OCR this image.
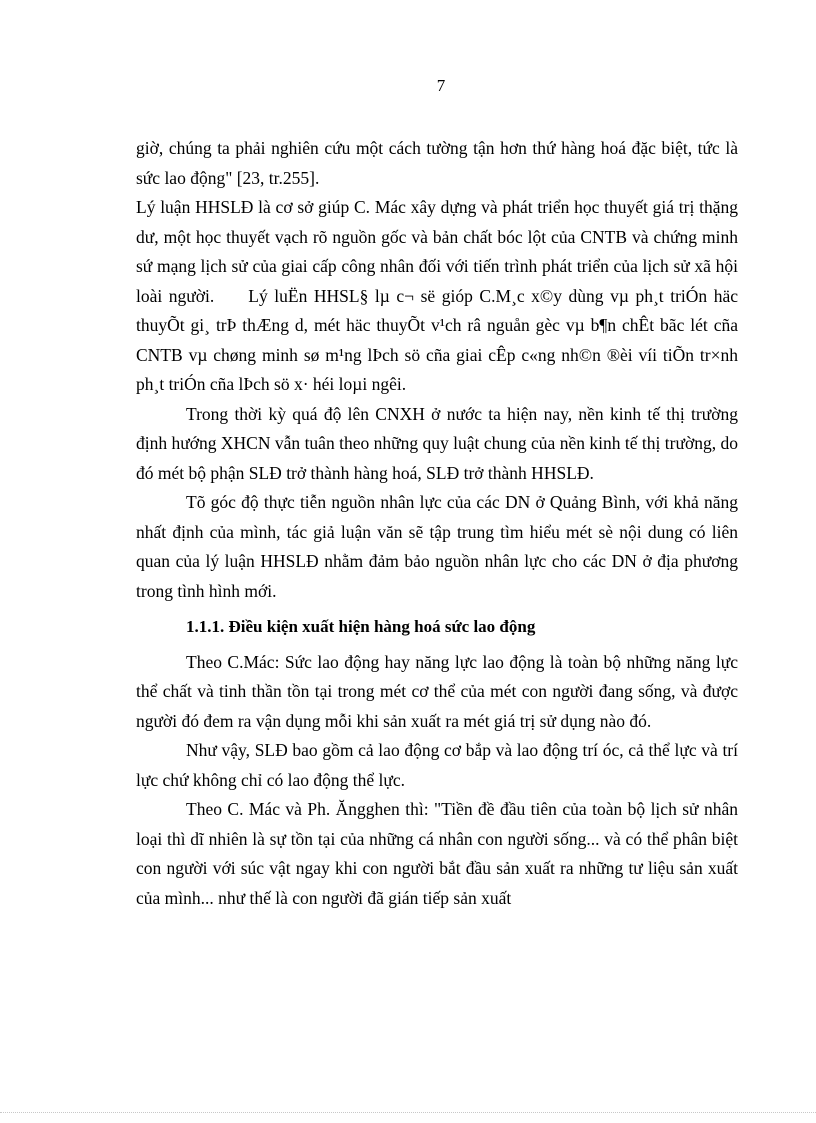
7

giờ, chúng ta phải nghiên cứu một cách tường tận hơn thứ hàng hoá đặc biệt, tức là sức lao động" [23, tr.255].

Lý luận HHSLĐ là cơ sở giúp C. Mác xây dựng và phát triển học thuyết giá trị thặng dư, một học thuyết vạch rõ nguồn gốc và bản chất bóc lột của CNTB và chứng minh sứ mạng lịch sử của giai cấp công nhân đối với tiến trình phát triển của lịch sử xã hội loài người. Lý luËn HHSL§ lµ c¬ së gióp C.M¸c x©y dùng vµ ph¸t triÓn häc thuyÕt gi¸ trÞ thÆng d, mét häc thuyÕt v¹ch râ nguån gèc vµ b¶n chÊt bãc lét cña CNTB vµ chøng minh sø m¹ng lÞch sö cña giai cÊp c«ng nh©n ®èi víi tiÕn tr×nh ph¸t triÓn cña lÞch sö x· héi loµi ngêi.

Trong thời kỳ quá độ lên CNXH ở nước ta hiện nay, nền kinh tế thị trường định hướng XHCN vẫn tuân theo những quy luật chung của nền kinh tế thị trường, do đó mét bộ phận SLĐ trở thành hàng hoá, SLĐ trở thành HHSLĐ.

Tõ góc độ thực tiễn nguồn nhân lực của các DN ở Quảng Bình, với khả năng nhất định của mình, tác giả luận văn sẽ tập trung tìm hiểu mét sè nội dung có liên quan của lý luận HHSLĐ nhằm đảm bảo nguồn nhân lực cho các DN ở địa phương trong tình hình mới.

1.1.1. Điều kiện xuất hiện hàng hoá sức lao động

Theo C.Mác: Sức lao động hay năng lực lao động là toàn bộ những năng lực thể chất và tinh thần tồn tại trong mét cơ thể của mét con người đang sống, và được người đó đem ra vận dụng mỗi khi sản xuất ra mét giá trị sử dụng nào đó.

Như vậy, SLĐ bao gồm cả lao động cơ bắp và lao động trí óc, cả thể lực và trí lực chứ không chỉ có lao động thể lực.

Theo C. Mác và Ph. Ăngghen thì: "Tiền đề đầu tiên của toàn bộ lịch sử nhân loại thì dĩ nhiên là sự tồn tại của những cá nhân con người sống... và có thể phân biệt con người với súc vật ngay khi con người bắt đầu sản xuất ra những tư liệu sản xuất của mình... như thế là con người đã gián tiếp sản xuất
